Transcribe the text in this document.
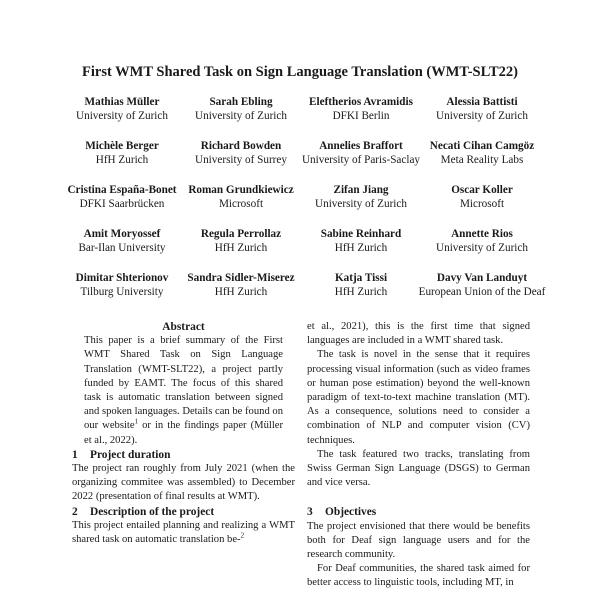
First WMT Shared Task on Sign Language Translation (WMT-SLT22)
Mathias Müller
University of Zurich
Sarah Ebling
University of Zurich
Eleftherios Avramidis
DFKI Berlin
Alessia Battisti
University of Zurich
Michèle Berger
HfH Zurich
Richard Bowden
University of Surrey
Annelies Braffort
University of Paris-Saclay
Necati Cihan Camgöz
Meta Reality Labs
Cristina España-Bonet
DFKI Saarbrücken
Roman Grundkiewicz
Microsoft
Zifan Jiang
University of Zurich
Oscar Koller
Microsoft
Amit Moryossef
Bar-Ilan University
Regula Perrollaz
HfH Zurich
Sabine Reinhard
HfH Zurich
Annette Rios
University of Zurich
Dimitar Shterionov
Tilburg University
Sandra Sidler-Miserez
HfH Zurich
Katja Tissi
HfH Zurich
Davy Van Landuyt
European Union of the Deaf

Abstract

This paper is a brief summary of the First WMT Shared Task on Sign Language Translation (WMT-SLT22), a project partly funded by EAMT. The focus of this shared task is automatic translation between signed and spoken languages. Details can be found on our website$^1$ or in the findings paper (Müller et al., 2022).

1 Project duration

The project ran roughly from July 2021 (when the organizing commitee was assembled) to December 2022 (presentation of final results at WMT).

2 Description of the project

This project entailed planning and realizing a WMT shared task on automatic translation be-$^2$

et al., 2021), this is the first time that signed languages are included in a WMT shared task.

The task is novel in the sense that it requires processing visual information (such as video frames or human pose estimation) beyond the well-known paradigm of text-to-text machine translation (MT). As a consequence, solutions need to consider a combination of NLP and computer vision (CV) techniques.

The task featured two tracks, translating from Swiss German Sign Language (DSGS) to German and vice versa.

3 Objectives

The project envisioned that there would be benefits both for Deaf sign language users and for the research community.

For Deaf communities, the shared task aimed for better access to linguistic tools, including MT, in
